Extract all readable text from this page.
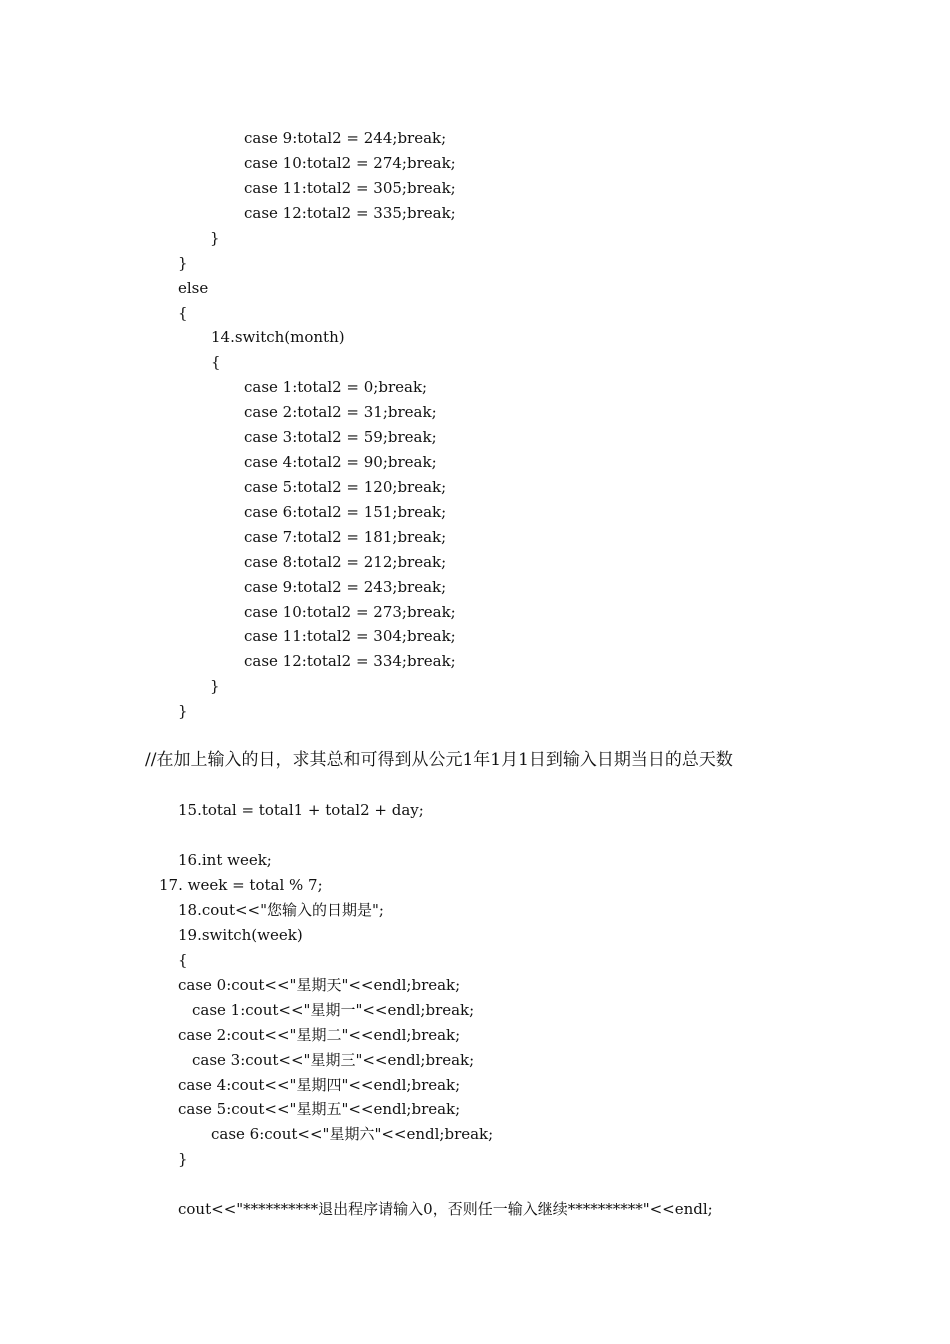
case 9:total2 = 244;break;
case 10:total2 = 274;break;
case 11:total2 = 305;break;
case 12:total2 = 335;break;
}
}
else
{
14.switch(month)
{
case 1:total2 = 0;break;
case 2:total2 = 31;break;
case 3:total2 = 59;break;
case 4:total2 = 90;break;
case 5:total2 = 120;break;
case 6:total2 = 151;break;
case 7:total2 = 181;break;
case 8:total2 = 212;break;
case 9:total2 = 243;break;
case 10:total2 = 273;break;
case 11:total2 = 304;break;
case 12:total2 = 334;break;
}
}
//在加上输入的日，求其总和可得到从公元1年1月1日到输入日期当日的总天数
15.total = total1 + total2 + day;
16.int week;
17. week = total % 7;
18.cout<<"您输入的日期是";
19.switch(week)
{
case 0:cout<<"星期天"<<endl;break;
case 1:cout<<"星期一"<<endl;break;
case 2:cout<<"星期二"<<endl;break;
case 3:cout<<"星期三"<<endl;break;
case 4:cout<<"星期四"<<endl;break;
case 5:cout<<"星期五"<<endl;break;
case 6:cout<<"星期六"<<endl;break;
}
cout<<"**********退出程序请输入0，否则任一输入继续**********"<<endl;
